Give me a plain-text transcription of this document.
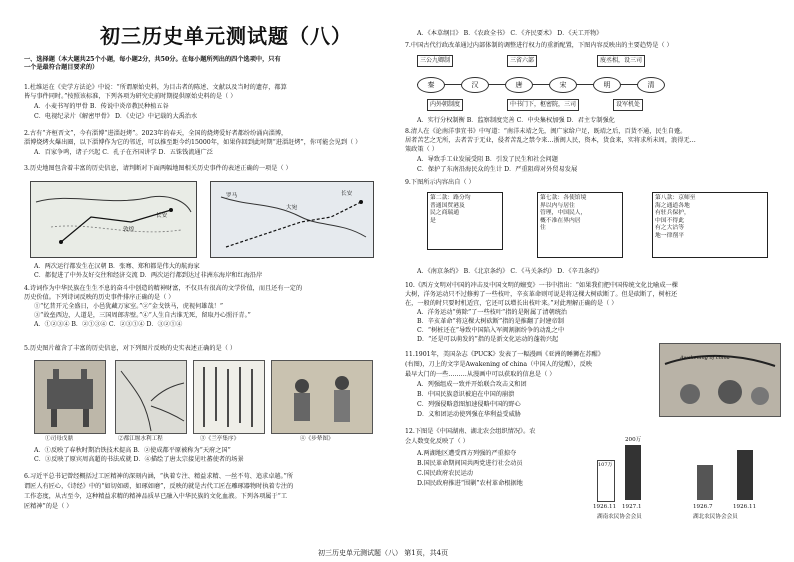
初三历史单元测试题（八）
一、选择题（本大题共25个小题，每小题2分，共50分。在每小题所列出的四个选项中，只有
一个是最符合题目要求的）
1.杜维运在《史学方法论》中说：“所谓原始史料，为目击者的陈述、文献以及当时的遗存，都算
皆与事件同时。”按照该标准，下列各项为研究史前时期提供原始史料的是（ ）
A．小麦书写的甲骨 B．传说中炎帝教民种植五谷
C．电视纪录片《解密甲骨》 D．《史记》中记载的大禹治水
2.古有“齐桓晋文”，今有淄博“进淄赶烤”。2023年的春天，全国的烧烤爱好者都纷纷涌向淄博，
淄博烧烤火爆出圈，以下淄博作为它的邻近，可以推至距今约15000年，如果你回到此时期“进淄赶烤”，你可能会见到（ ）
A．百家争鸣，诸子兴起 C．孔子在齐国讲学 D．五铢钱流通广泛
3.历史地图包含着丰富的历史信息，请判断对下面两幅地图相关历史事件的表述正确的一项是（ ）
长安
敦煌
罗马
大宛
长安
A．两次运行都发生在汉朝 B．张骞、郑和都是伟大的航海家
C．都促进了中外友好交往和经济交流 D．两次运行都到达过非洲东海岸和红海沿岸
4.诗词作为中华民族在生生不息的奋斗中创造的精神财富，不仅具有很高的文学价值，而且还有一定的
历史价值。下列诗词反映的历史事件排序正确的是（ ）
①“忆昔开元全盛日，小邑犹藏万家室。”②“金戈铁马，虎视何雄哉！”
③“故垒西边，人道是，三国周郎赤壁。”④“人生自古谁无死，留取丹心照汗青。”
A．①②③④ B．②①③④ C．②③①④ D．③②①④
5.历史图片蕴含了丰富的历史信息，对下列图片反映的史实表述正确的是（ ）
①司母戊鼎	②都江堰水利工程	③《兰亭集序》	④《步辇图》
A．①反映了春秋时期冶铁技术提高 B．②使成都平原被称为“天府之国”
C．③反映了原宾周高超的书法成就 D．④描绘了唐太宗接见吐蕃使者的场景
6.习近平总书记曾经概括过工匠精神的深刻内涵，“执着专注、精益求精、一丝不苟、追求卓越。”所
谓匠人有匠心，《诗经》中的“如切如磋，如琢如磨”，反映的就是古代工匠在雕琢器物时执着专注的
工作态度，从古至今，这种精益求精的精神品质早已融入中华民族的文化血液。下列各项属于“工
匠精神”的是（ ）
A．《本草纲目》 B．《农政全书》 C．《齐民要术》 D．《天工开物》
7.中国古代行政改革通过内部体制的调整进行权力的重新配置，下图内容反映出的主要趋势是（ ）
三公九卿制	三省六部	废丞相，设三司
秦	汉	唐	宋	明	清
内外朝制度	中书门下，枢密院，三司	设军机处
A．实行分权制衡 B．监察制度完善 C．中央集权加强 D．君主专制强化
8.清人在《论南洋事宜书》中写道：“南洋未靖之先，闽广家给户足，既靖之后，百货不通，民生自蹙。
居者苦艺之无所，去者苦于无业，侵者苦乱之禁令来…浙闽人民，资本，货食来，实将求所未周，浪得无…
策政策（ ）
A．导致手工业发展受阻 B．引发了民生和社会问题
C．保护了东南沿海民众的生计 D．严重阻碍对外贸易发展
9.下图所示内容出自（ ）
第二款：路分均
普通国贸港及
民之商瑞通
是
第七款：各使馆境
界以内与居住
管理，中国民人，
概不准在界内居
住
第八款：京师至
海之通道各地
有驻兵保护，
中国不得此
有之大沽等
地一律削平
A．《南京条约》 B．《北京条约》 C．《马关条约》 D．《辛丑条约》
10.《西方文明对中国的冲击及中国文明的嬗变》一书中指出：“如果我们把中国传统文化比喻成一棵
大树，洋务运动只不过修剪了一些枝叶，辛亥革命则可说是将这棵大树砍断了。但是砍断了，树桩还
在，一般的时只要时机适宜，它还可以增长出枝叶来。”对此理解正确的是（ ）
A．洋务运动“剪除”了一些枝叶“指的是附属了清朝统治
B．辛亥革命“将这棵大树砍断”指的是推翻了封建帝制
C．“树桩还在”导致中国陷入军阀割据纷争的动乱之中
D．“还是可以萌发的”指的是新文化运动的蓬勃兴起
11.1901年，美国杂志《PUCK》发表了一幅漫画《亚洲的睡狮在苏醒》
(右图)，刀上的文字是Awakening of china（中国人的觉醒），反映
最早大门的一些………从漫画中可以获取的信息是（ ）
A．列强组成一致并开始联合攻击义和团
B．中国民族意识被迫在中国的崩溃
C．列强侵略意图加速侵略中国的野心
D．义和团运动使列强在华利益受威胁
Awakening of china
12.下图是《中国湖南、湖北农会组织情况》。农
会人数变化反映了（ ）
A.两湖地区遭受西方列强的严重掠夺
B.国民革命期间国共两党进行社会动员
C.国民政府农民运动
D.国民政府推进“围剿”农村革命根据地
107万
1926.11 1927.1	1926.7	1926.11
湖南农民协会会员	湖北农民协会会员
200万
初三历史单元测试题（八） 第1页，共4页
